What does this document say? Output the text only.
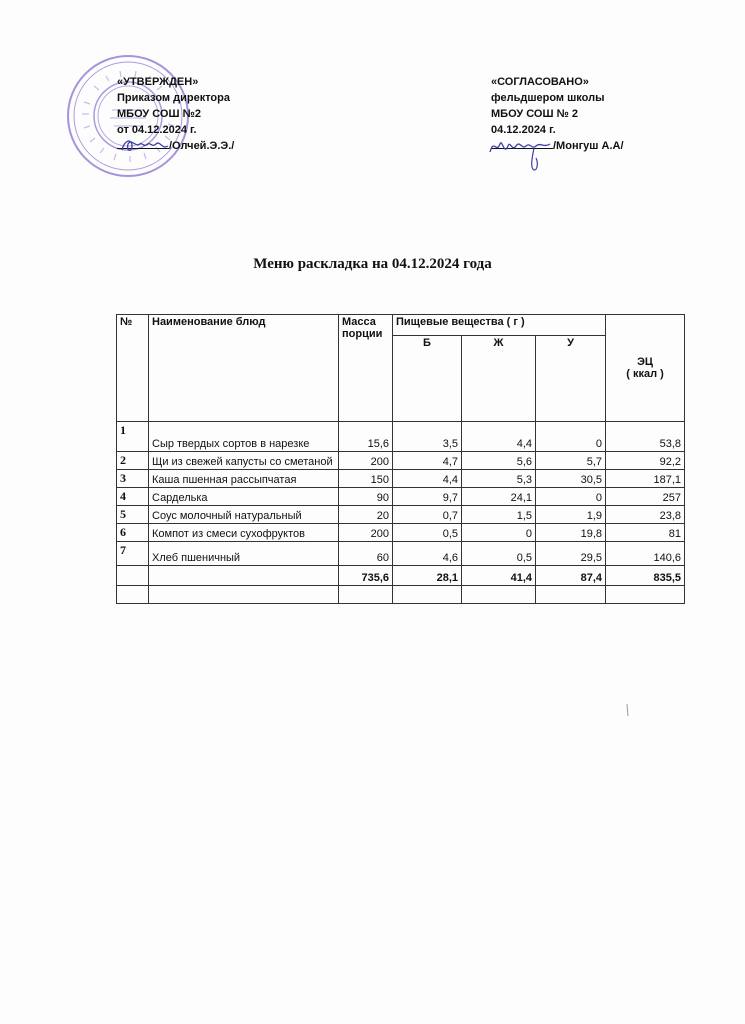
«УТВЕРЖДЕН»
Приказом директора
МБОУ СОШ №2
от 04.12.2024 г.
/Олчей.Э.Э./
«СОГЛАСОВАНО»
фельдшером школы
МБОУ СОШ № 2
04.12.2024 г.
/Монгуш А.А/
Меню раскладка на 04.12.2024 года
№	Наименование блюд	Масса порции	Пищевые вещества ( г )			ЭЦ
( ккал )

			Б	Ж	У	
1	Сыр твердых сортов в нарезке	15,6	3,5	4,4	0	53,8
2	Щи из свежей капусты со сметаной	200	4,7	5,6	5,7	92,2
3	Каша пшенная рассыпчатая	150	4,4	5,3	30,5	187,1
4	Сарделька	90	9,7	24,1	0	257
5	Соус молочный натуральный	20	0,7	1,5	1,9	23,8
6	Компот из смеси сухофруктов	200	0,5	0	19,8	81
7	Хлеб пшеничный	60	4,6	0,5	29,5	140,6
		735,6	28,1	41,4	87,4	835,5
